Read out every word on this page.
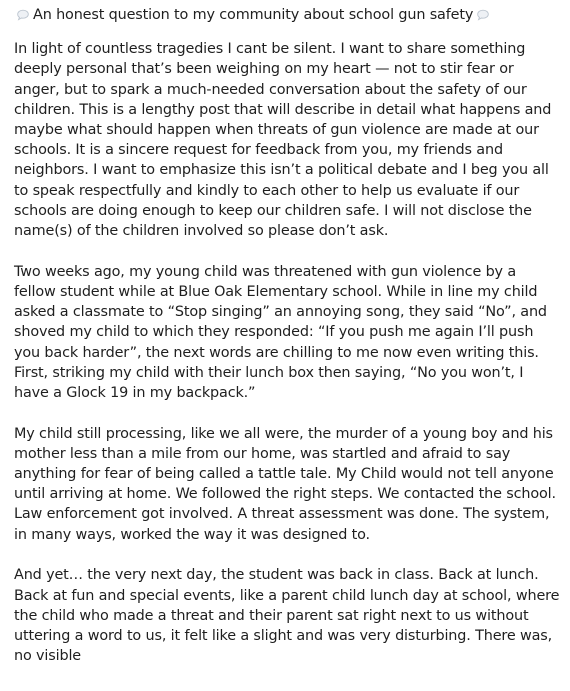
An honest question to my community about school gun safety

In light of countless tragedies I cant be silent. I want to share something deeply personal that’s been weighing on my heart — not to stir fear or anger, but to spark a much-needed conversation about the safety of our children. This is a lengthy post that will describe in detail what happens and maybe what should happen when threats of gun violence are made at our schools. It is a sincere request for feedback from you, my friends and neighbors. I want to emphasize this isn’t a political debate and I beg you all to speak respectfully and kindly to each other to help us evaluate if our schools are doing enough to keep our children safe. I will not disclose the name(s) of the children involved so please don’t ask.

Two weeks ago, my young child was threatened with gun violence by a fellow student while at Blue Oak Elementary school. While in line my child asked a classmate to “Stop singing” an annoying song, they said “No”, and shoved my child to which they responded: “If you push me again I’ll push you back harder”, the next words are chilling to me now even writing this. First, striking my child with their lunch box then saying, “No you won’t, I have a Glock 19 in my backpack.”

My child still processing, like we all were, the murder of a young boy and his mother less than a mile from our home, was startled and afraid to say anything for fear of being called a tattle tale. My Child would not tell anyone until arriving at home. We followed the right steps. We contacted the school. Law enforcement got involved. A threat assessment was done. The system, in many ways, worked the way it was designed to.

And yet… the very next day, the student was back in class. Back at lunch. Back at fun and special events, like a parent child lunch day at school, where the child who made a threat and their parent sat right next to us without uttering a word to us, it felt like a slight and was very disturbing. There was, no visible
